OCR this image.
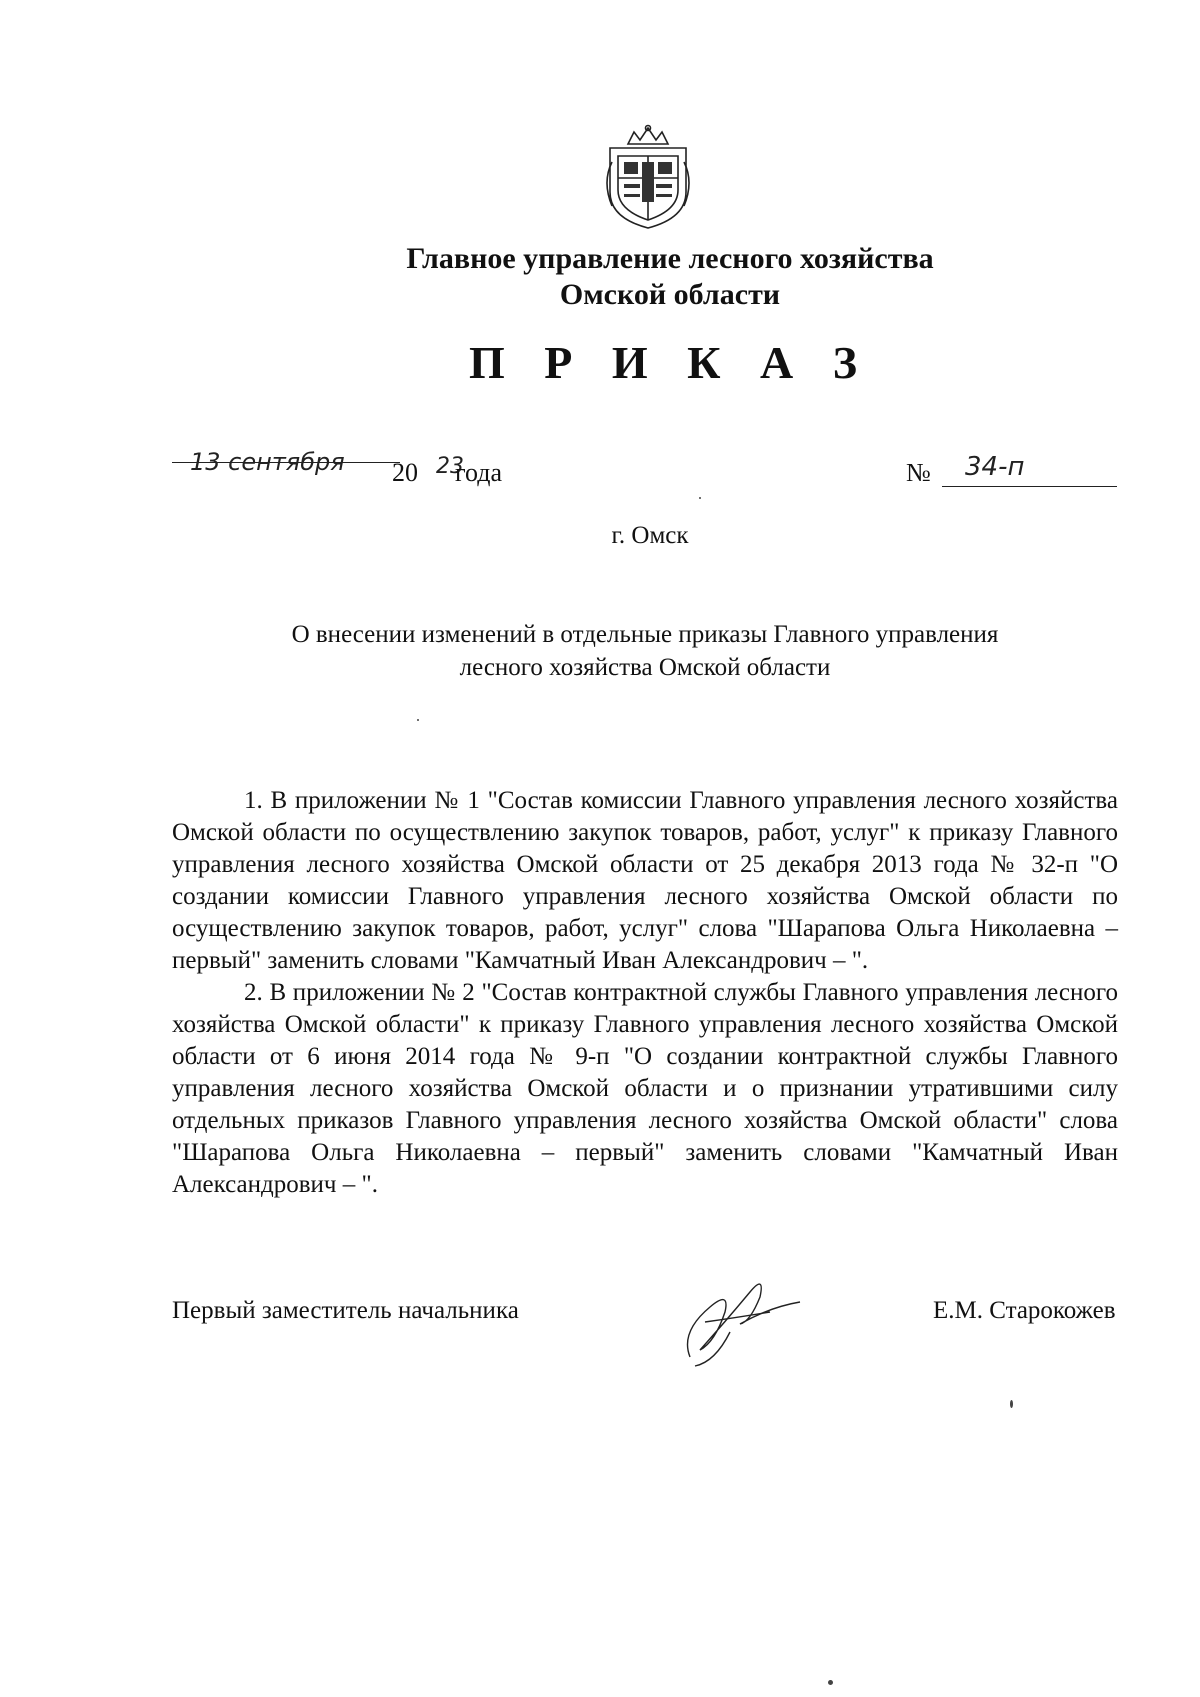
Главное управление лесного хозяйства
Омской области
П Р И К А З
13 сентября 20 23
года	№ 34-п
г. Омск
О внесении изменений в отдельные приказы Главного управления
лесного хозяйства Омской области

1. В приложении № 1 "Состав комиссии Главного управления лесного хозяйства Омской области по осуществлению закупок товаров, работ, услуг" к приказу Главного управления лесного хозяйства Омской области от 25 декабря 2013 года № 32-п "О создании комиссии Главного управления лесного хозяйства Омской области по осуществлению закупок товаров, работ, услуг" слова "Шарапова Ольга Николаевна – первый" заменить словами "Камчатный Иван Александрович – ".

2. В приложении № 2 "Состав контрактной службы Главного управления лесного хозяйства Омской области" к приказу Главного управления лесного хозяйства Омской области от 6 июня 2014 года № 9-п "О создании контрактной службы Главного управления лесного хозяйства Омской области и о признании утратившими силу отдельных приказов Главного управления лесного хозяйства Омской области" слова "Шарапова Ольга Николаевна – первый" заменить словами "Камчатный Иван Александрович – ".

Первый заместитель начальника	Е.М. Старокожев
